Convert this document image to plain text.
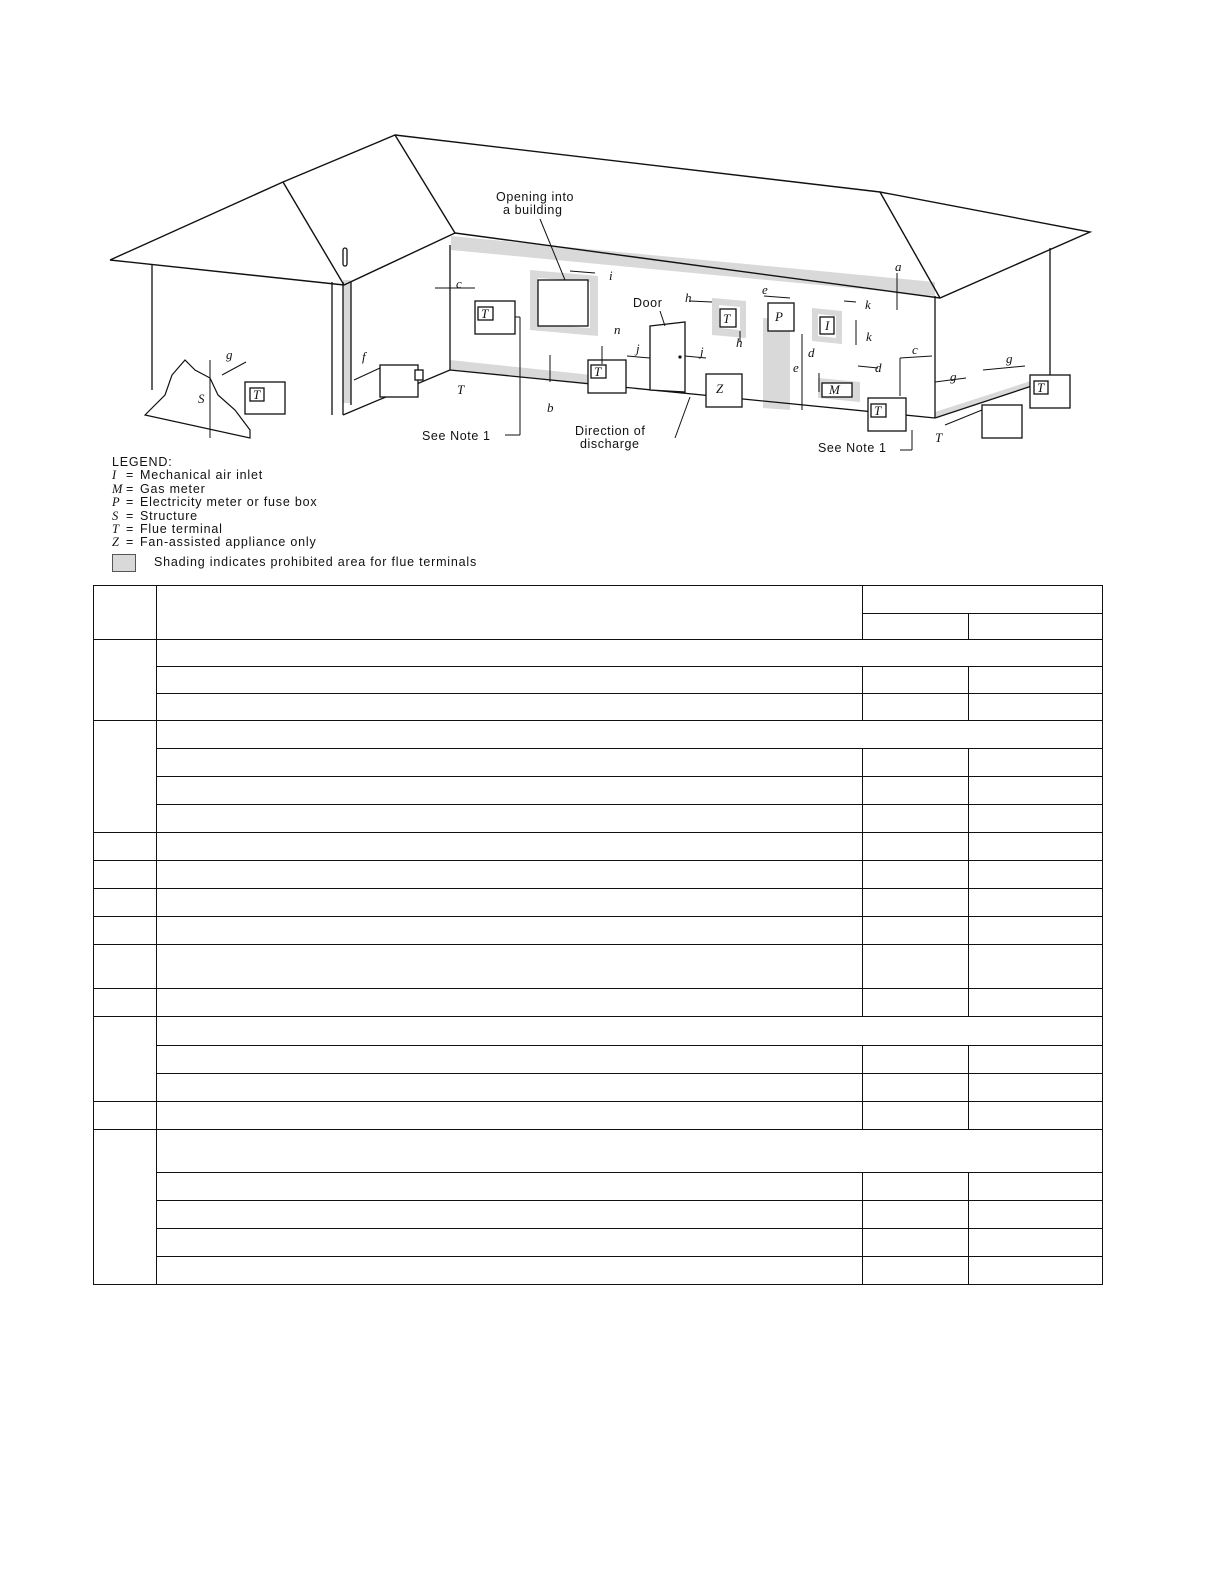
T
T
T
T
T
T
P
I
M
Z
a
b
c
c
d
d
e
e
f
g
g
g
h
h
i
j	j
k
k
n
S
T
T
Opening into
a building
Door
Direction of
discharge
See Note 1
See Note 1
LEGEND:
I = Mechanical air inlet
M = Gas meter
P = Electricity meter or fuse box
S = Structure
T = Flue terminal
Z = Fan-assisted appliance only
Shading indicates prohibited area for flue terminals
